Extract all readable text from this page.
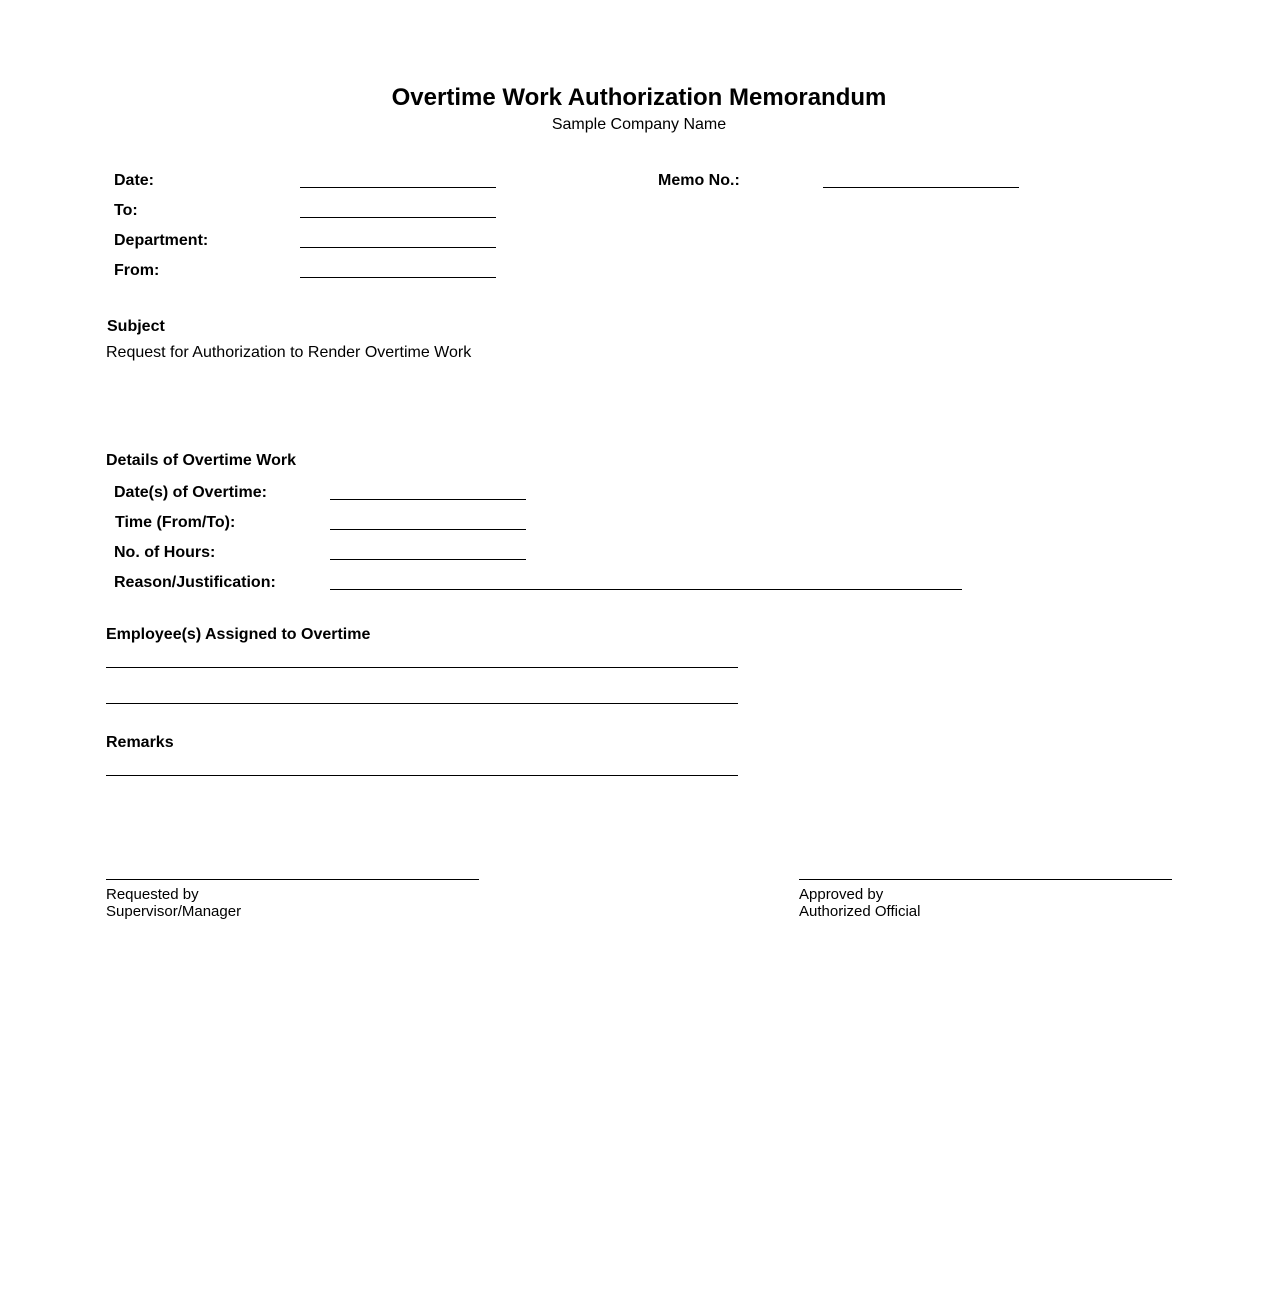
Overtime Work Authorization Memorandum
Sample Company Name
Date:
To:
Department:
From:
Memo No.:
Subject
Request for Authorization to Render Overtime Work
Details of Overtime Work
Date(s) of Overtime:
Time (From/To):
No. of Hours:
Reason/Justification:
Employee(s) Assigned to Overtime
Remarks
Requested by
Supervisor/Manager
Approved by
Authorized Official
